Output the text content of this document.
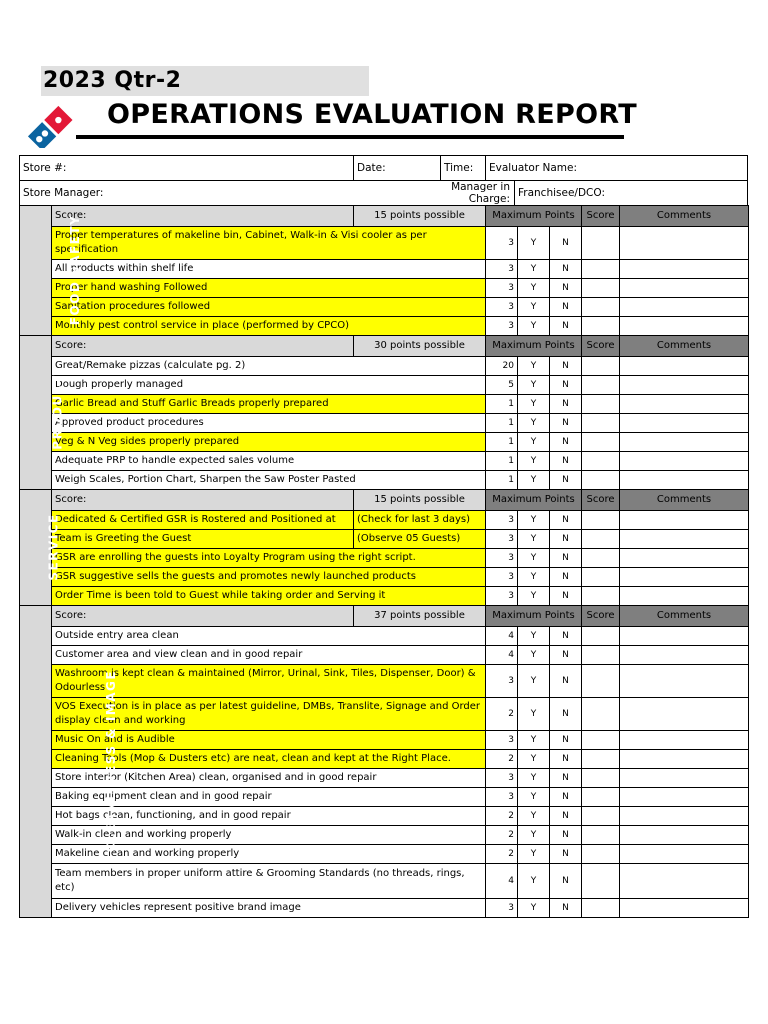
2023 Qtr-2
OPERATIONS EVALUATION REPORT
Store #:	Date:	Time:	Evaluator Name:	
Store Manager:		Manager in Charge:		Franchisee/DCO:
FOOD SAFETY	Score:	15 points possible	Maximum Points			Score	Comments
	Proper temperatures of makeline bin, Cabinet, Walk-in & Visi cooler as per specification		3	Y	N		
	All products within shelf life		3	Y	N		
	Proper hand washing Followed		3	Y	N		
	Sanitation procedures followed		3	Y	N		
	Monthly pest control service in place (performed by CPCO)		3	Y	N		
PRODUCT	Score:	30 points possible	Maximum Points			Score	Comments
	Great/Remake pizzas (calculate pg. 2)		20	Y	N		
	Dough properly managed		5	Y	N		
	Garlic Bread and Stuff Garlic Breads properly prepared		1	Y	N		
	Approved product procedures		1	Y	N		
	Veg & N Veg sides properly prepared		1	Y	N		
	Adequate PRP to handle expected sales volume		1	Y	N		
	Weigh Scales, Portion Chart, Sharpen the Saw Poster Pasted		1	Y	N		
SERVICE	Score:	15 points possible	Maximum Points			Score	Comments
	Dedicated & Certified GSR is Rostered and Positioned at	(Check for last 3 days)	3	Y	N		
	Team is Greeting the Guest	(Observe 05 Guests)	3	Y	N		
	GSR are enrolling the guests into Loyalty Program using the right script.		3	Y	N		
	GSR suggestive sells the guests and promotes newly launched products		3	Y	N		
	Order Time is been told to Guest while taking order and Serving it		3	Y	N		
CLEANLINESS & IMAGE	Score:	37 points possible	Maximum Points			Score	Comments
	Outside entry area clean		4	Y	N		
	Customer area and view clean and in good repair		4	Y	N		
	Washroom is kept clean & maintained (Mirror, Urinal, Sink, Tiles, Dispenser, Door) & Odourless		3	Y	N		
	VOS Execution is in place as per latest guideline, DMBs, Translite, Signage and Order display clean and working		2	Y	N		
	Music On and is Audible		3	Y	N		
	Cleaning Tools (Mop & Dusters etc) are neat, clean and kept at the Right Place.		2	Y	N		
	Store interior (Kitchen Area) clean, organised and in good repair		3	Y	N		
	Baking equipment clean and in good repair		3	Y	N		
	Hot bags clean, functioning, and in good repair		2	Y	N		
	Walk-in clean and working properly		2	Y	N		
	Makeline clean and working properly		2	Y	N		
	Team members in proper uniform attire & Grooming Standards (no threads, rings, etc)		4	Y	N		
	Delivery vehicles represent positive brand image		3	Y	N		
